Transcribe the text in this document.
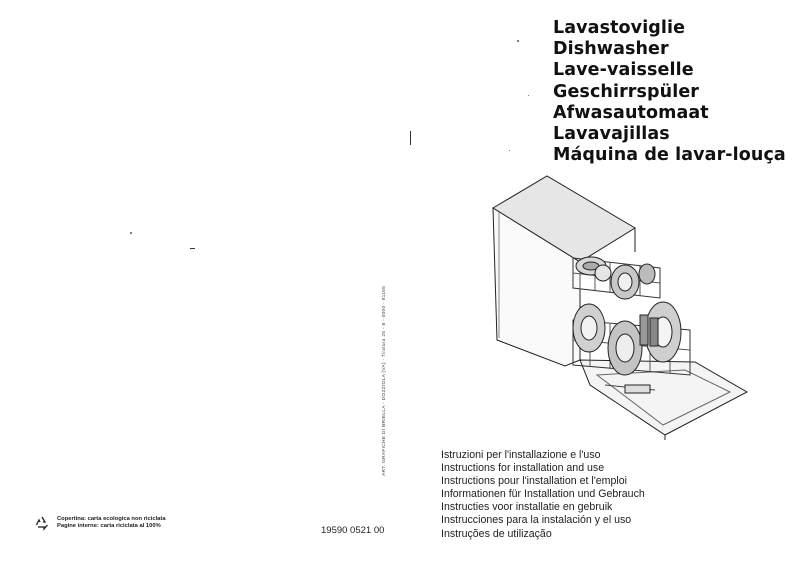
Lavastoviglie
Dishwasher
Lave-vaisselle
Geschirrspüler
Afwasautomaat
Lavavajillas
Máquina de lavar-louça
Istruzioni per l'installazione e l'uso
Instructions for installation and use
Instructions pour l'installation et l'emploi
Informationen für Installation und Gebrauch
Instructies voor installatie en gebruik
Instrucciones para la instalación y el uso
Instruções de utilização
19590 0521 00
ART. GRAFICHE DI BRIELLA - DOZZIOLA (VA) - Tiratura 25 - 8 - 0000 - 91165
Copertina: carta ecologica non riciclata
Pagine interne: carta riciclata al 100%
